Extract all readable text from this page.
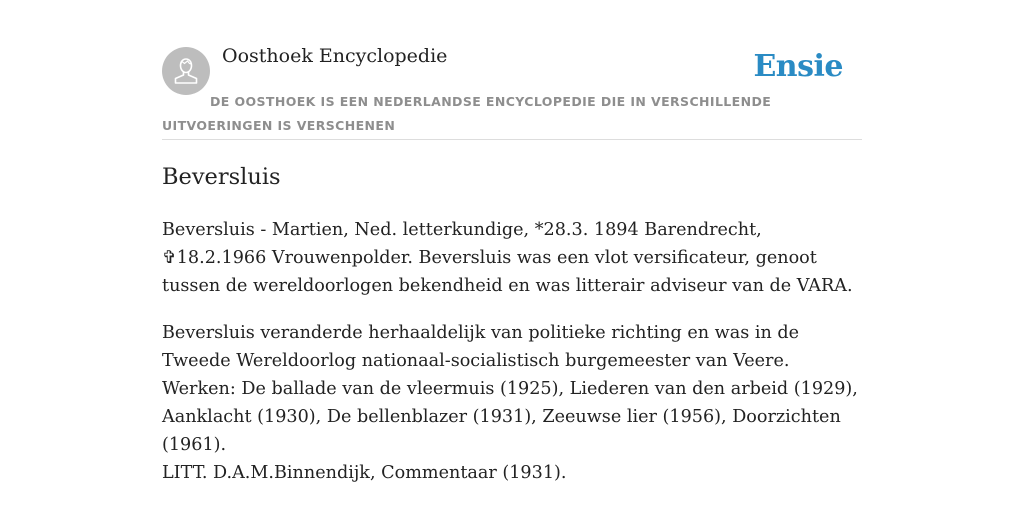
Oosthoek Encyclopedie	Ensie
DE OOSTHOEK IS EEN NEDERLANDSE ENCYCLOPEDIE DIE IN VERSCHILLENDE UITVOERINGEN IS VERSCHENEN
Beversluis

Beversluis - Martien, Ned. letterkundige, *28.3. 1894 Barendrecht, ✞18.2.1966 Vrouwenpolder. Beversluis was een vlot versificateur, genoot tussen de wereldoorlogen bekendheid en was litterair adviseur van de VARA.

Beversluis veranderde herhaaldelijk van politieke richting en was in de Tweede Wereldoorlog nationaal-socialistisch burgemeester van Veere. Werken: De ballade van de vleermuis (1925), Liederen van den arbeid (1929), Aanklacht (1930), De bellenblazer (1931), Zeeuwse lier (1956), Doorzichten (1961).

LITT. D.A.M.Binnendijk, Commentaar (1931).
